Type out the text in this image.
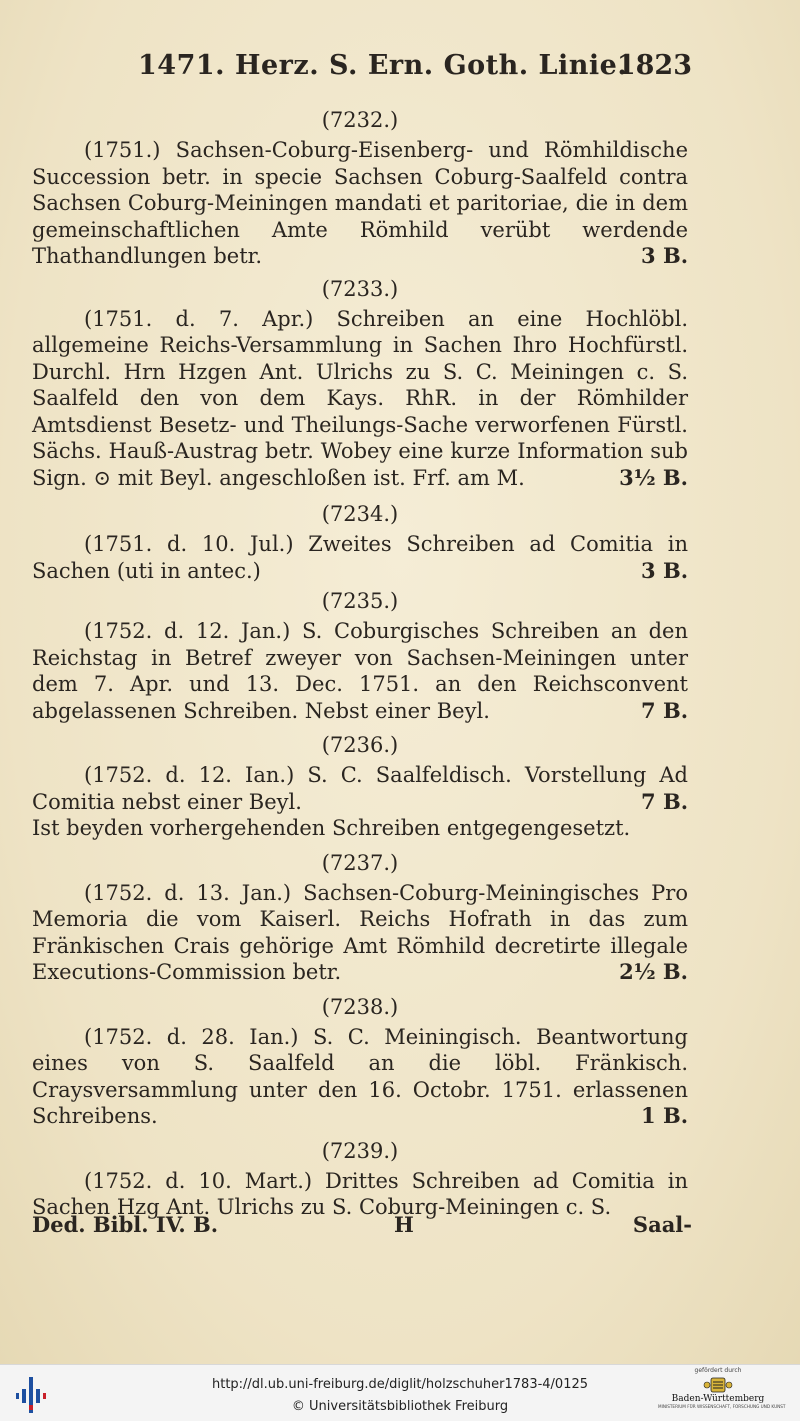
1471. Herz. S. Ern. Goth. Linie.
1823
(7232.)

(1751.) Sachsen-Coburg-Eisenberg- und Römhildische Succession betr. in specie Sachsen Coburg-Saalfeld contra Sachsen Coburg-Meiningen mandati et paritoriae, die in dem gemeinschaftlichen Amte Römhild verübt werdende Thathandlungen betr.	3 B.

(7233.)

(1751. d. 7. Apr.) Schreiben an eine Hochlöbl. allgemeine Reichs-Versammlung in Sachen Ihro Hochfürstl. Durchl. Hrn Hzgen Ant. Ulrichs zu S. C. Meiningen c. S. Saalfeld den von dem Kays. RhR. in der Römhilder Amtsdienst Besetz- und Theilungs-Sache verworfenen Fürstl. Sächs. Hauß-Austrag betr. Wobey eine kurze Information sub Sign. ⊙ mit Beyl. angeschloßen ist. Frf. am M.	3½ B.

(7234.)

(1751. d. 10. Jul.) Zweites Schreiben ad Comitia in Sachen (uti in antec.)	3 B.

(7235.)

(1752. d. 12. Jan.) S. Coburgisches Schreiben an den Reichstag in Betref zweyer von Sachsen-Meiningen unter dem 7. Apr. und 13. Dec. 1751. an den Reichsconvent abgelassenen Schreiben. Nebst einer Beyl.	7 B.

(7236.)

(1752. d. 12. Ian.) S. C. Saalfeldisch. Vorstellung Ad Comitia nebst einer Beyl.	7 B.

Ist beyden vorhergehenden Schreiben entgegengesetzt.
(7237.)

(1752. d. 13. Jan.) Sachsen-Coburg-Meiningisches Pro Memoria die vom Kaiserl. Reichs Hofrath in das zum Fränkischen Crais gehörige Amt Römhild decretirte illegale Executions-Commission betr.	2½ B.

(7238.)

(1752. d. 28. Ian.) S. C. Meiningisch. Beantwortung eines von S. Saalfeld an die löbl. Fränkisch. Craysversammlung unter den 16. Octobr. 1751. erlassenen Schreibens.	1 B.

(7239.)

(1752. d. 10. Mart.) Drittes Schreiben ad Comitia in Sachen Hzg Ant. Ulrichs zu S. Coburg-Meiningen c. S.

Ded. Bibl. IV. B.	H	Saal-
http://dl.ub.uni-freiburg.de/diglit/holzschuher1783-4/0125
© Universitätsbibliothek Freiburg
gefördert durch
Baden-Württemberg
MINISTERIUM FÜR WISSENSCHAFT, FORSCHUNG UND KUNST
